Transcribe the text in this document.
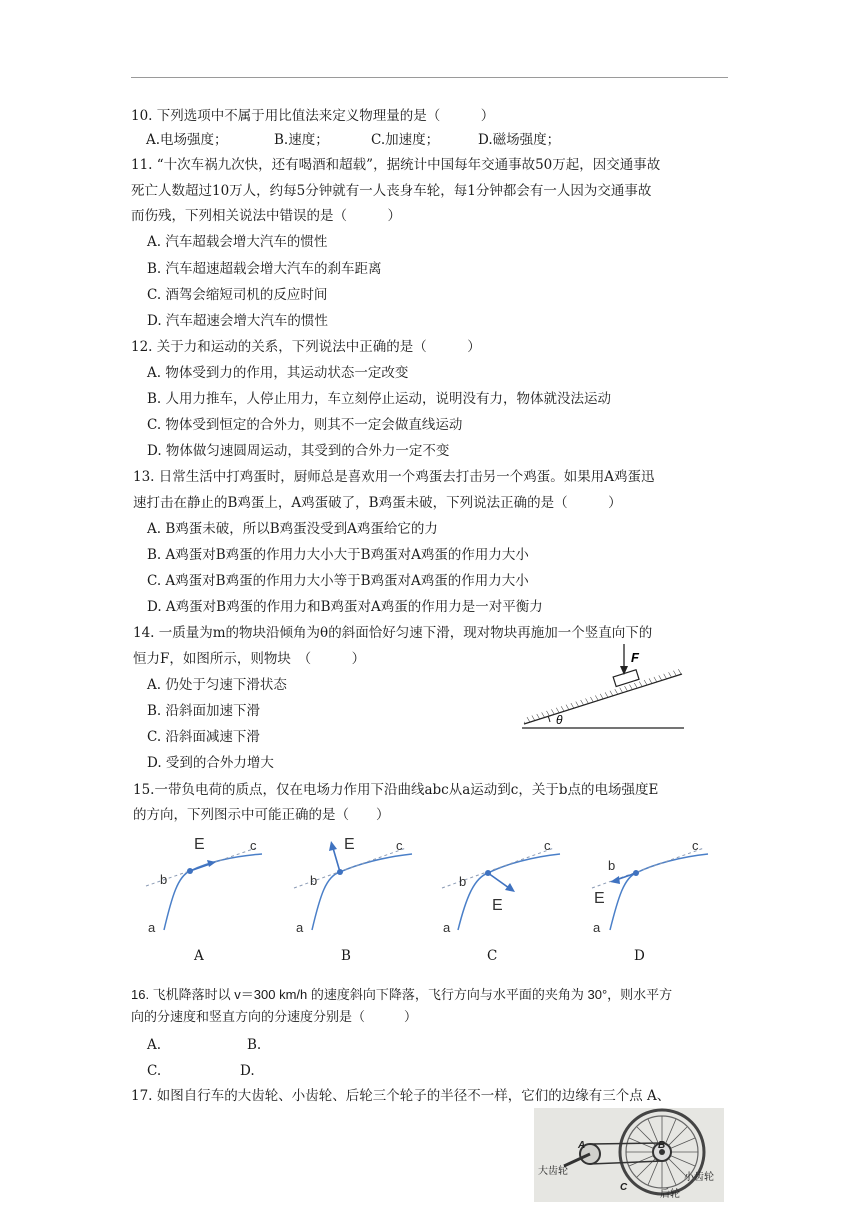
10. 下列选项中不属于用比值法来定义物理量的是（　　　）
A.电场强度；	B.速度；	C.加速度；	D.磁场强度；
11. “十次车祸九次快，还有喝酒和超载”，据统计中国每年交通事故50万起，因交通事故
死亡人数超过10万人，约每5分钟就有一人丧身车轮，每1分钟都会有一人因为交通事故
而伤残，下列相关说法中错误的是（　　　）
A. 汽车超载会增大汽车的惯性
B. 汽车超速超载会增大汽车的刹车距离
C. 酒驾会缩短司机的反应时间
D. 汽车超速会增大汽车的惯性
12. 关于力和运动的关系，下列说法中正确的是（　　　）
A. 物体受到力的作用，其运动状态一定改变
B. 人用力推车，人停止用力，车立刻停止运动，说明没有力，物体就没法运动
C. 物体受到恒定的合外力，则其不一定会做直线运动
D. 物体做匀速圆周运动，其受到的合外力一定不变
13. 日常生活中打鸡蛋时，厨师总是喜欢用一个鸡蛋去打击另一个鸡蛋。如果用A鸡蛋迅
速打击在静止的B鸡蛋上，A鸡蛋破了，B鸡蛋未破，下列说法正确的是（　　　）
A. B鸡蛋未破，所以B鸡蛋没受到A鸡蛋给它的力
B. A鸡蛋对B鸡蛋的作用力大小大于B鸡蛋对A鸡蛋的作用力大小
C. A鸡蛋对B鸡蛋的作用力大小等于B鸡蛋对A鸡蛋的作用力大小
D. A鸡蛋对B鸡蛋的作用力和B鸡蛋对A鸡蛋的作用力是一对平衡力
14. 一质量为m的物块沿倾角为θ的斜面恰好匀速下滑，现对物块再施加一个竖直向下的
恒力F，如图所示，则物块　（　　　）
A. 仍处于匀速下滑状态
B. 沿斜面加速下滑
C. 沿斜面减速下滑
D. 受到的合外力增大
θ
F
15.一带负电荷的质点，仅在电场力作用下沿曲线abc从a运动到c，关于b点的电场强度E
的方向，下列图示中可能正确的是（　　）
E
b
a
c	E
b
a
c
E
b
a
c
E
b
a
c
A	B	C	D
16. 飞机降落时以 v＝300 km/h 的速度斜向下降落，飞行方向与水平面的夹角为 30°，则水平方
向的分速度和竖直方向的分速度分别是（　　　）
A.	B.
C.	D.
17. 如图自行车的大齿轮、小齿轮、后轮三个轮子的半径不一样，它们的边缘有三个点 A、
A	B
C
大齿轮
小齿轮
后轮
